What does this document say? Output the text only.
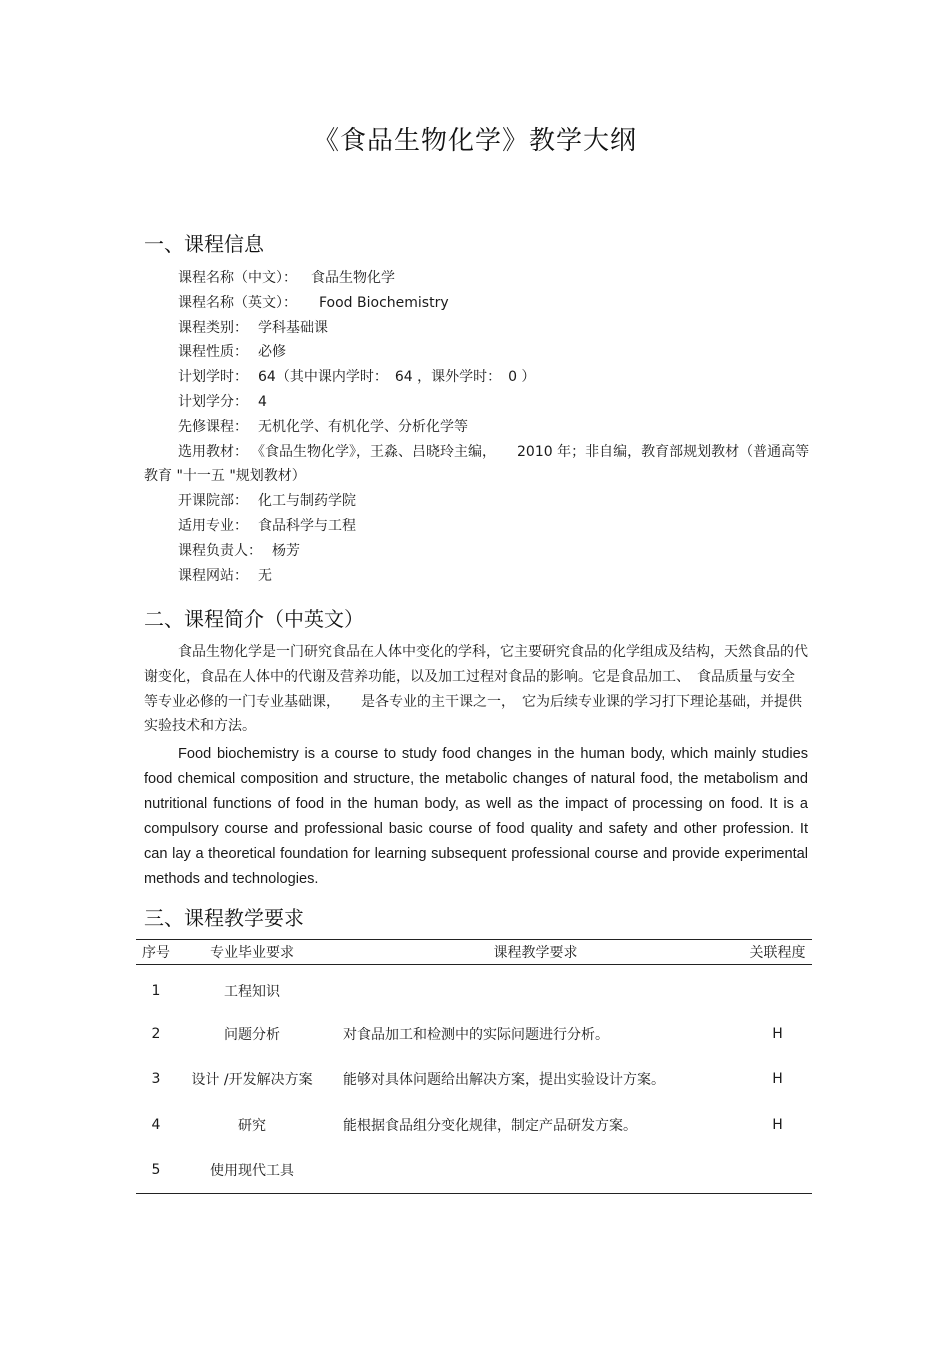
《食品生物化学》教学大纲
一、课程信息
课程名称（中文）： 食品生物化学
课程名称（英文）： Food Biochemistry
课程类别： 学科基础课
课程性质： 必修
计划学时： 64（其中课内学时：　64 ，课外学时：　0 ）
计划学分： 4
先修课程： 无机化学、有机化学、分析化学等
选用教材： 《食品生物化学》，王淼、吕晓玲主编，　　2010 年；非自编，教育部规划教材（普通高等教育 "十一五 "规划教材）
开课院部： 化工与制药学院
适用专业： 食品科学与工程
课程负责人： 杨芳
课程网站： 无
二、课程简介（中英文）
食品生物化学是一门研究食品在人体中变化的学科，它主要研究食品的化学组成及结构，天然食品的代谢变化，食品在人体中的代谢及营养功能，以及加工过程对食品的影响。它是食品加工、　食品质量与安全等专业必修的一门专业基础课，　　是各专业的主干课之一，　它为后续专业课的学习打下理论基础，并提供实验技术和方法。
Food biochemistry is a course to study food changes in the human body, which mainly studies food chemical composition and structure, the metabolic changes of natural food, the metabolism and nutritional functions of food in the human body, as well as the impact of processing on food. It is a compulsory course and professional basic course of food quality and safety and other profession. It can lay a theoretical foundation for learning subsequent professional course and provide experimental methods and technologies.
三、课程教学要求
序号	专业毕业要求	课程教学要求	关联程度
1	工程知识		
2	问题分析	对食品加工和检测中的实际问题进行分析。	H
3	设计 /开发解决方案	能够对具体问题给出解决方案，提出实验设计方案。	H
4	研究	能根据食品组分变化规律，制定产品研发方案。	H
5	使用现代工具		
